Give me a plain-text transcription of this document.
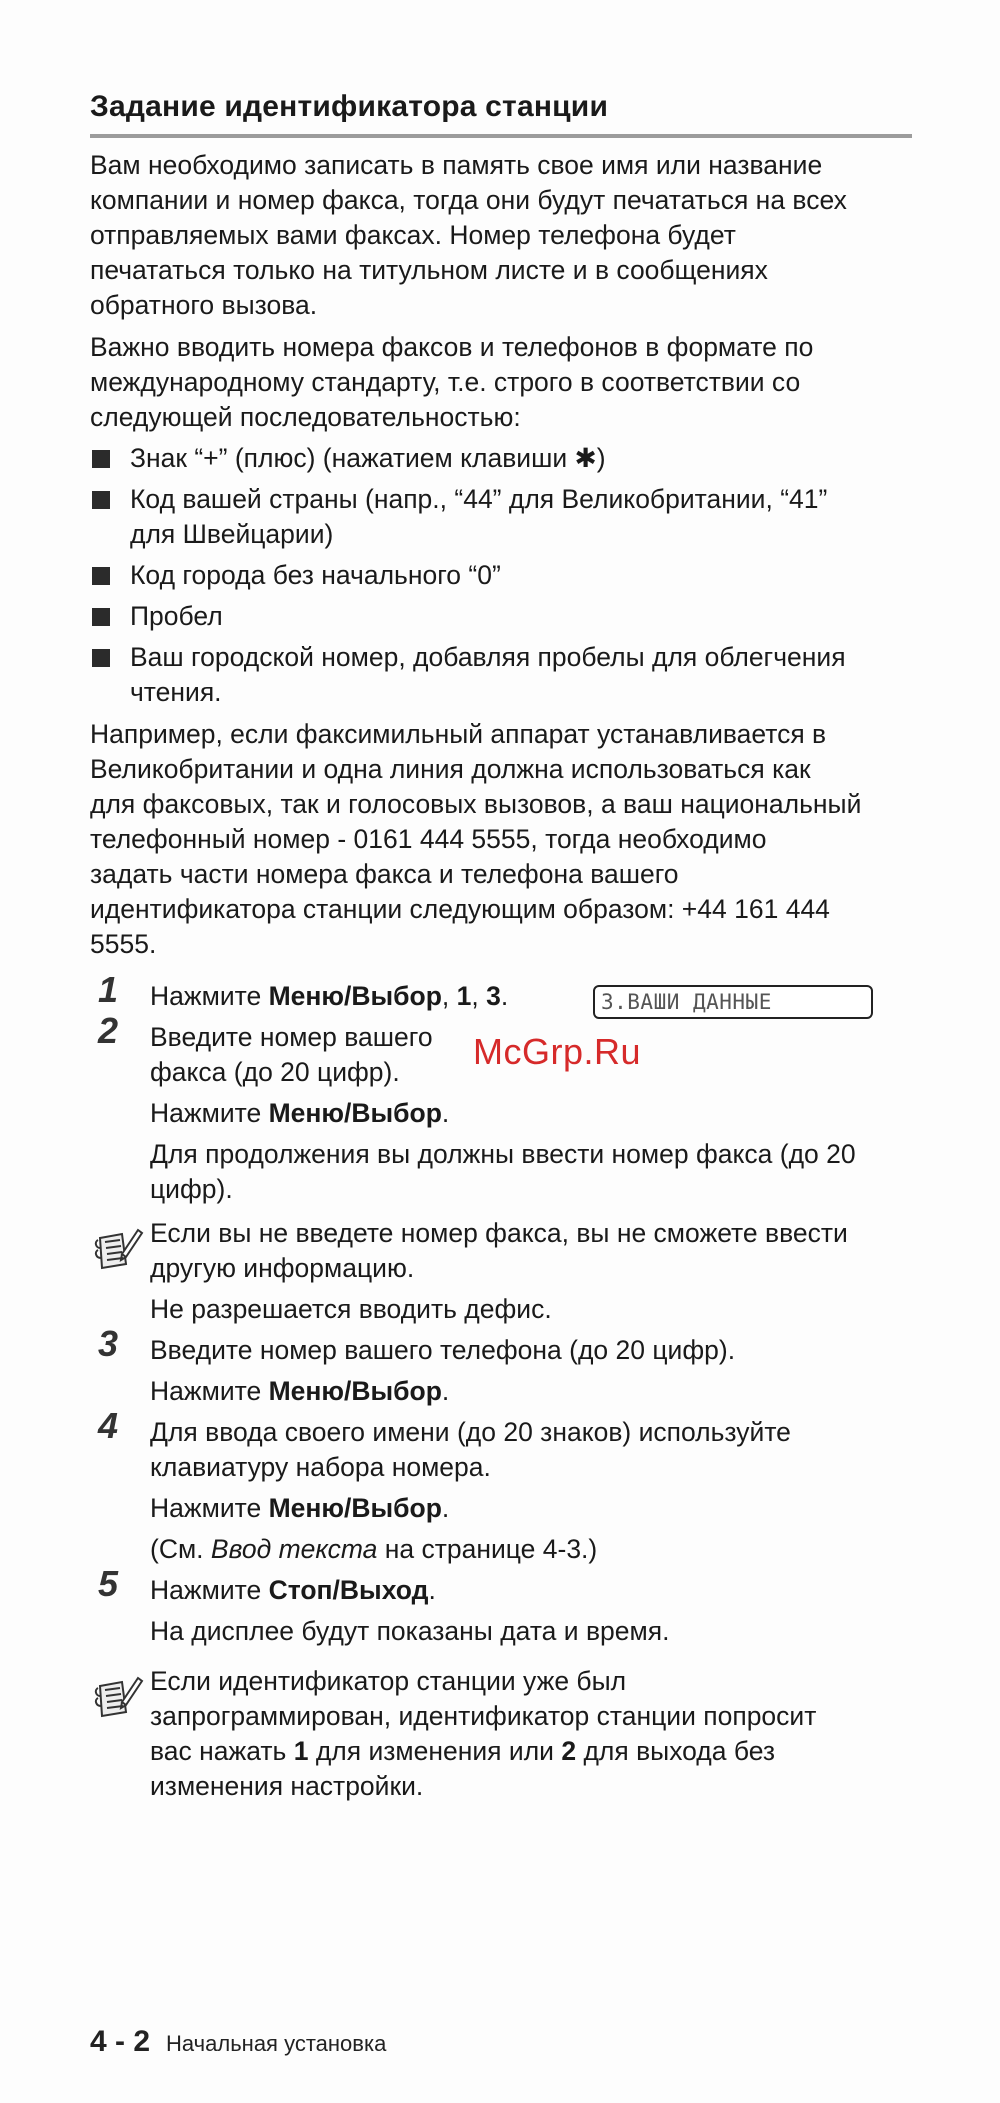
Задание идентификатора станции
Вам необходимо записать в память свое имя или название
компании и номер факса, тогда они будут печататься на всех
отправляемых вами факсах. Номер телефона будет
печататься только на титульном листе и в сообщениях
обратного вызова.
Важно вводить номера факсов и телефонов в формате по
международному стандарту, т.е. строго в соответствии со
следующей последовательностью:
Знак “+” (плюс) (нажатием клавиши ✱)
Код вашей страны (напр., “44” для Великобритании, “41”
для Швейцарии)
Код города без начального “0”
Пробел
Ваш городской номер, добавляя пробелы для облегчения
чтения.
Например, если факсимильный аппарат устанавливается в
Великобритании и одна линия должна использоваться как
для факсовых, так и голосовых вызовов, а ваш национальный
телефонный номер - 0161 444 5555, тогда необходимо
задать части номера факса и телефона вашего
идентификатора станции следующим образом: +44 161 444
5555.
3.ВАШИ ДАННЫЕ
1 Нажмите Меню/Выбор, 1, 3.
2 Введите номер вашего
факса (до 20 цифр).	McGrp.Ru
Нажмите Меню/Выбор.
Для продолжения вы должны ввести номер факса (до 20
цифр).
Если вы не введете номер факса, вы не сможете ввести
другую информацию.
Не разрешается вводить дефис.
3 Введите номер вашего телефона (до 20 цифр).
Нажмите Меню/Выбор.
4 Для ввода своего имени (до 20 знаков) используйте
клавиатуру набора номера.
Нажмите Меню/Выбор.
(См. Ввод текста на странице 4-3.)
5 Нажмите Стоп/Выход.
На дисплее будут показаны дата и время.
Если идентификатор станции уже был
запрограммирован, идентификатор станции попросит
вас нажать 1 для изменения или 2 для выхода без
изменения настройки.
4 - 2 Начальная установка
